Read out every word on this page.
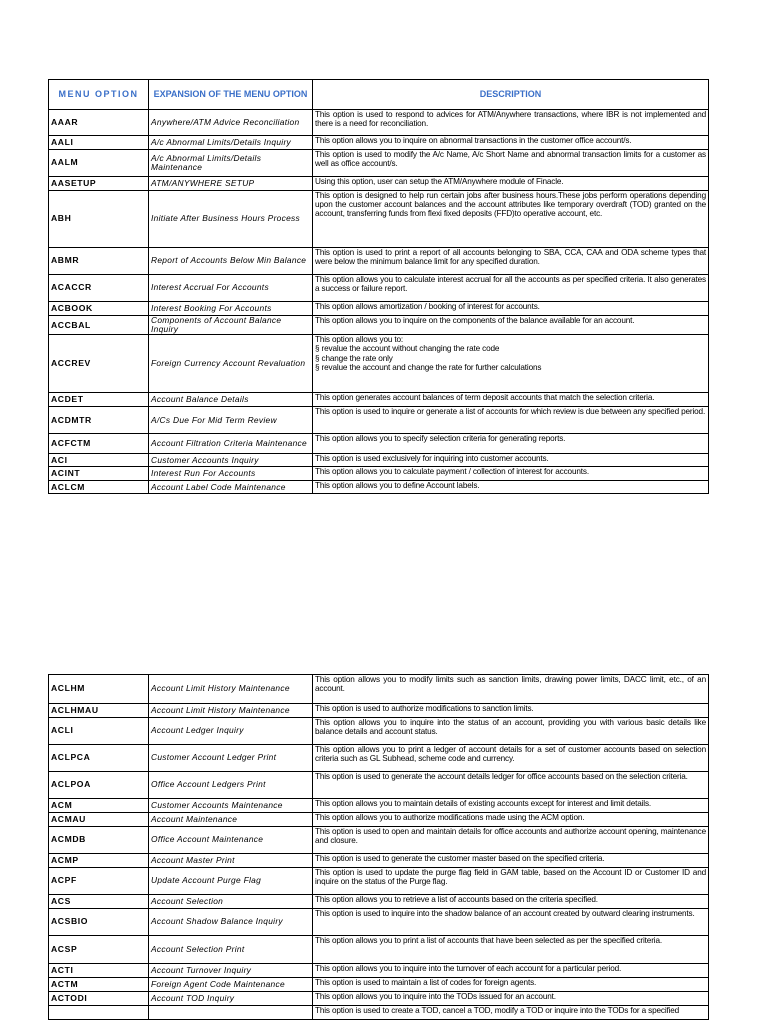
MENU OPTION	EXPANSION OF THE MENU OPTION	DESCRIPTION
AAAR	Anywhere/ATM Advice Reconciliation	This option is used to respond to advices for ATM/Anywhere transactions, where IBR is not implemented and there is a need for reconciliation.
AALI	A/c Abnormal Limits/Details Inquiry	This option allows you to inquire on abnormal transactions in the customer office account/s.
AALM	A/c Abnormal Limits/Details Maintenance	This option is used to modify the A/c Name, A/c Short Name and abnormal transaction limits for a customer as well as office account/s.
AASETUP	ATM/ANYWHERE SETUP	Using this option, user can setup the ATM/Anywhere module of Finacle.
ABH	Initiate After Business Hours Process	This option is designed to help run certain jobs after business hours.These jobs perform operations depending upon the customer account balances and the account attributes like temporary overdraft (TOD) granted on the account, transferring funds from flexi fixed deposits (FFD)to operative account, etc.
ABMR	Report of Accounts Below Min Balance	This option is used to print a report of all accounts belonging to SBA, CCA, CAA and ODA scheme types that were below the minimum balance limit for any specified duration.
ACACCR	Interest Accrual For Accounts	This option allows you to calculate interest accrual for all the accounts as per specified criteria. It also generates a success or failure report.
ACBOOK	Interest Booking For Accounts	This option allows amortization / booking of interest for accounts.
ACCBAL	Components of Account Balance Inquiry	This option allows you to inquire on the components of the balance available for an account.
ACCREV	Foreign Currency Account Revaluation	This option allows you to:
§ revalue the account without changing the rate code
§ change the rate only
§ revalue the account and change the rate for further calculations
ACDET	Account Balance Details	This option generates account balances of term deposit accounts that match the selection criteria.
ACDMTR	A/Cs Due For Mid Term Review	This option is used to inquire or generate a list of accounts for which review is due between any specified period.
ACFCTM	Account Filtration Criteria Maintenance	This option allows you to specify selection criteria for generating reports.
ACI	Customer Accounts Inquiry	This option is used exclusively for inquiring into customer accounts.
ACINT	Interest Run For Accounts	This option allows you to calculate payment / collection of interest for accounts.
ACLCM	Account Label Code Maintenance	This option allows you to define Account labels.
ACLHM	Account Limit History Maintenance	This option allows you to modify limits such as sanction limits, drawing power limits, DACC limit, etc., of an account.
ACLHMAU	Account Limit History Maintenance	This option is used to authorize modifications to sanction limits.
ACLI	Account Ledger Inquiry	This option allows you to inquire into the status of an account, providing you with various basic details like balance details and account status.
ACLPCA	Customer Account Ledger Print	This option allows you to print a ledger of account details for a set of customer accounts based on selection criteria such as GL Subhead, scheme code and currency.
ACLPOA	Office Account Ledgers Print	This option is used to generate the account details ledger for office accounts based on the selection criteria.
ACM	Customer Accounts Maintenance	This option allows you to maintain details of existing accounts except for interest and limit details.
ACMAU	Account Maintenance	This option allows you to authorize modifications made using the ACM option.
ACMDB	Office Account Maintenance	This option is used to open and maintain details for office accounts and authorize account opening, maintenance and closure.
ACMP	Account Master Print	This option is used to generate the customer master based on the specified criteria.
ACPF	Update Account Purge Flag	This option is used to update the purge flag field in GAM table, based on the Account ID or Customer ID and inquire on the status of the Purge flag.
ACS	Account Selection	This option allows you to retrieve a list of accounts based on the criteria specified.
ACSBIO	Account Shadow Balance Inquiry	This option is used to inquire into the shadow balance of an account created by outward clearing instruments.
ACSP	Account Selection Print	This option allows you to print a list of accounts that have been selected as per the specified criteria.
ACTI	Account Turnover Inquiry	This option allows you to inquire into the turnover of each account for a particular period.
ACTM	Foreign Agent Code Maintenance	This option is used to maintain a list of codes for foreign agents.
ACTODI	Account TOD Inquiry	This option allows you to inquire into the TODs issued for an account.
		This option is used to create a TOD, cancel a TOD, modify a TOD or inquire into the TODs for a specified
